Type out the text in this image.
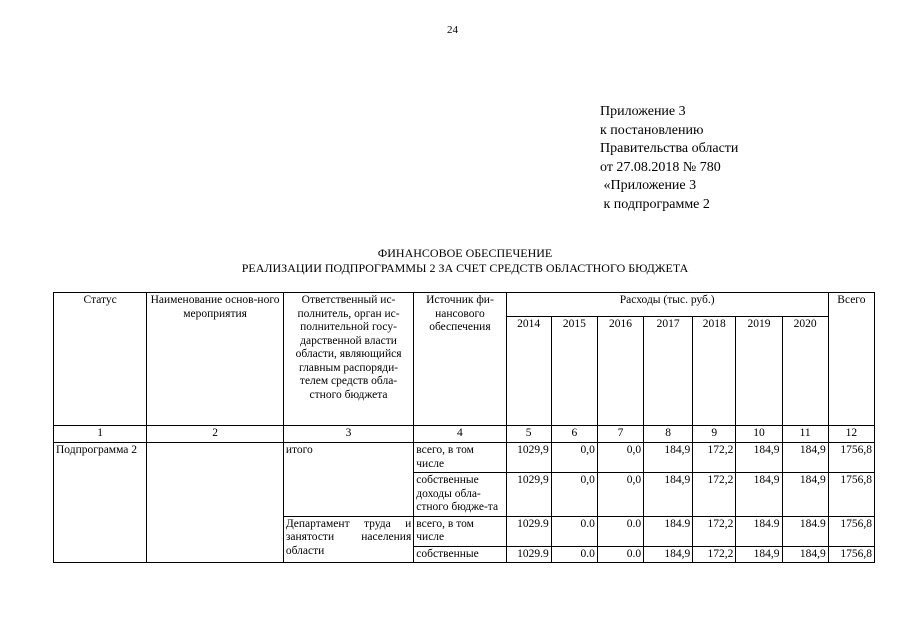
24
Приложение 3
к постановлению
Правительства области
от 27.08.2018 № 780
«Приложение 3
к подпрограмме 2
ФИНАНСОВОЕ ОБЕСПЕЧЕНИЕ
РЕАЛИЗАЦИИ ПОДПРОГРАММЫ 2 ЗА СЧЕТ СРЕДСТВ ОБЛАСТНОГО БЮДЖЕТА
Статус	Наименование основ-ного мероприятия	Ответственный ис-полнитель, орган ис-полнительной госу-дарственной власти области, являющийся главным распоряди-телем средств обла-стного бюджета	Источник фи-нансового обеспечения	Расходы (тыс. руб.)							Всего
				2014	2015	2016	2017	2018	2019	2020	
1	2	3	4	5	6	7	8	9	10	11	12
Подпрограмма 2		итого	всего, в том числе	1029,9	0,0	0,0	184,9	172,2	184,9	184,9	1756,8
			собственные доходы обла-стного бюдже-та	1029,9	0,0	0,0	184,9	172,2	184,9	184,9	1756,8
		Департамент труда и занятости населения области	всего, в том числе	1029.9	0.0	0.0	184.9	172,2	184.9	184.9	1756,8
			собственные	1029.9	0.0	0.0	184,9	172,2	184,9	184,9	1756,8
